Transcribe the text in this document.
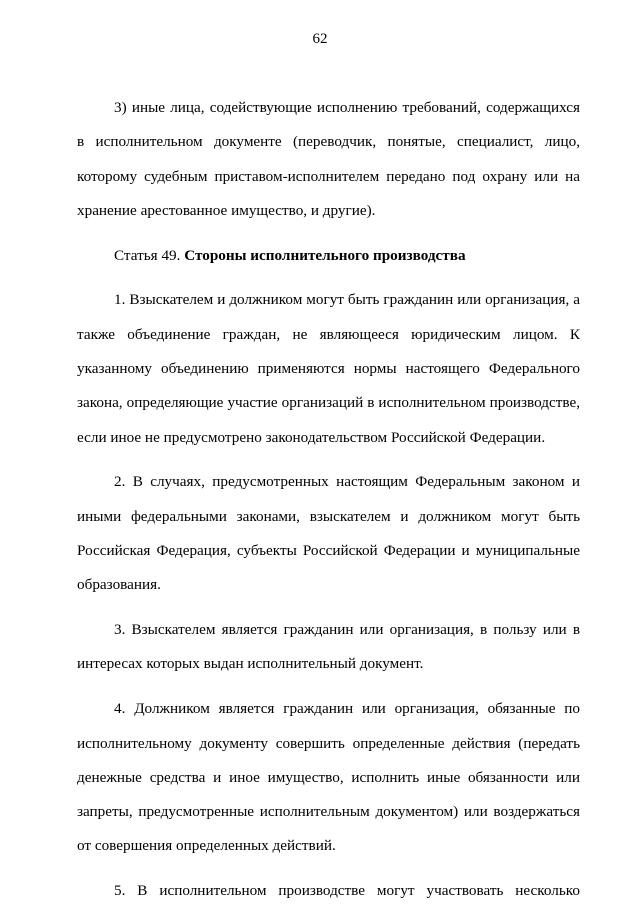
62
3) иные лица, содействующие исполнению требований, содержащихся
в исполнительном документе (переводчик, понятые, специалист, лицо,
которому судебным приставом-исполнителем передано под охрану или на
хранение арестованное имущество, и другие).
Статья 49. Стороны исполнительного производства
1. Взыскателем и должником могут быть гражданин или организация, а
также объединение граждан, не являющееся юридическим лицом. К
указанному объединению применяются нормы настоящего Федерального
закона, определяющие участие организаций в исполнительном производстве,
если иное не предусмотрено законодательством Российской Федерации.
2. В случаях, предусмотренных настоящим Федеральным законом и
иными федеральными законами, взыскателем и должником могут быть
Российская Федерация, субъекты Российской Федерации и муниципальные
образования.
3. Взыскателем является гражданин или организация, в пользу или в
интересах которых выдан исполнительный документ.
4. Должником является гражданин или организация, обязанные по
исполнительному документу совершить определенные действия (передать
денежные средства и иное имущество, исполнить иные обязанности или
запреты, предусмотренные исполнительным документом) или воздержаться
от совершения определенных действий.
5. В исполнительном производстве могут участвовать несколько
